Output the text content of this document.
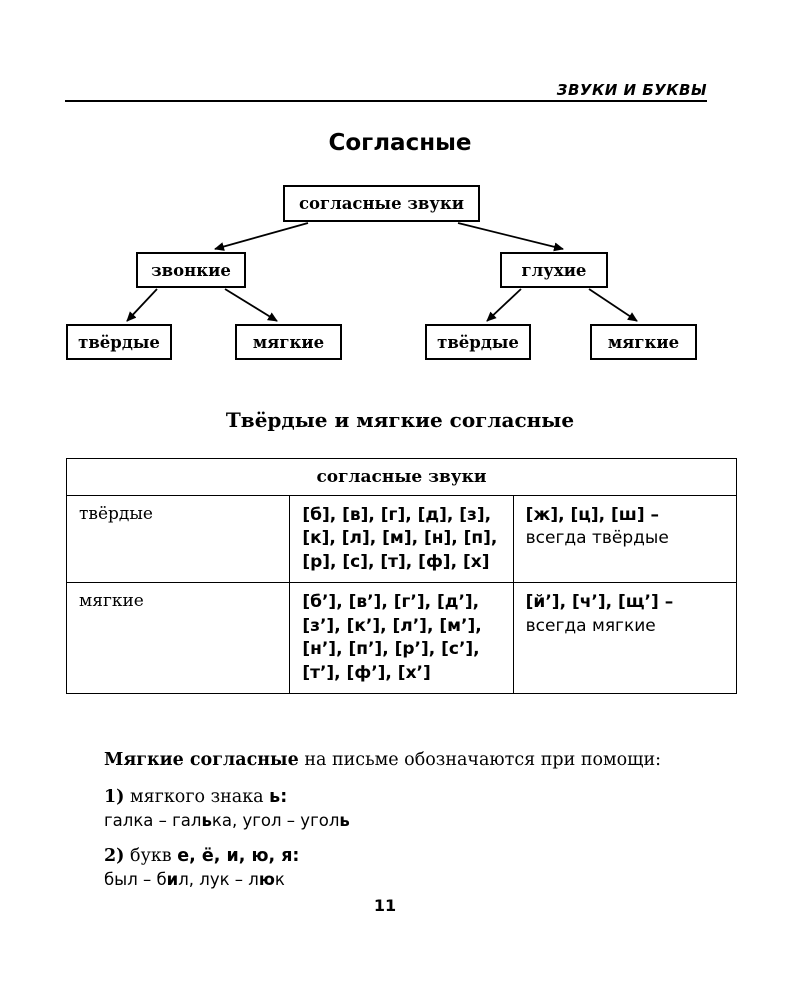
ЗВУКИ И БУКВЫ
Согласные
согласные звуки
звонкие	глухие
твёрдые	мягкие	твёрдые	мягкие
Твёрдые и мягкие согласные
согласные звуки		
твёрдые	[б], [в], [г], [д], [з], [к], [л], [м], [н], [п], [р], [с], [т], [ф], [х]	[ж], [ц], [ш] –
всегда твёрдые
мягкие	[б’], [в’], [г’], [д’], [з’], [к’], [л’], [м’], [н’], [п’], [р’], [с’], [т’], [ф’], [х’]	[й’], [ч’], [щ’] –
всегда мягкие

Мягкие согласные на письме обозначаются при помощи:

1) мягкого знака ь:

галка – галька, угол – уголь

2) букв е, ё, и, ю, я:

был – бил, лук – люк

11
